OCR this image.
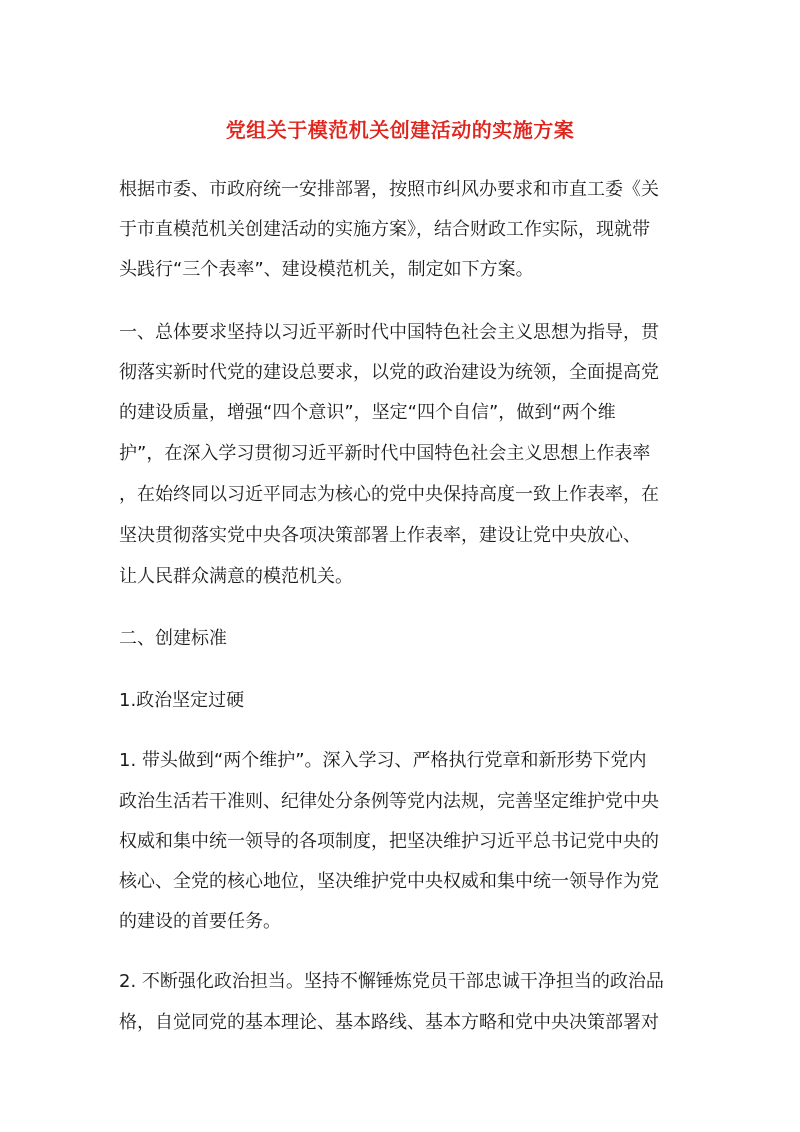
党组关于模范机关创建活动的实施方案
根据市委、市政府统一安排部署，按照市纠风办要求和市直工委《关
于市直模范机关创建活动的实施方案》，结合财政工作实际，现就带
头践行“三个表率”、建设模范机关，制定如下方案。
一、总体要求坚持以习近平新时代中国特色社会主义思想为指导，贯
彻落实新时代党的建设总要求，以党的政治建设为统领，全面提高党
的建设质量，增强“四个意识”，坚定“四个自信”，做到“两个维
护”，在深入学习贯彻习近平新时代中国特色社会主义思想上作表率
，在始终同以习近平同志为核心的党中央保持高度一致上作表率，在
坚决贯彻落实党中央各项决策部署上作表率，建设让党中央放心、
让人民群众满意的模范机关。
二、创建标准
1.政治坚定过硬
1. 带头做到“两个维护”。深入学习、严格执行党章和新形势下党内
政治生活若干准则、纪律处分条例等党内法规，完善坚定维护党中央
权威和集中统一领导的各项制度，把坚决维护习近平总书记党中央的
核心、全党的核心地位，坚决维护党中央权威和集中统一领导作为党
的建设的首要任务。
2. 不断强化政治担当。坚持不懈锤炼党员干部忠诚干净担当的政治品
格，自觉同党的基本理论、基本路线、基本方略和党中央决策部署对
